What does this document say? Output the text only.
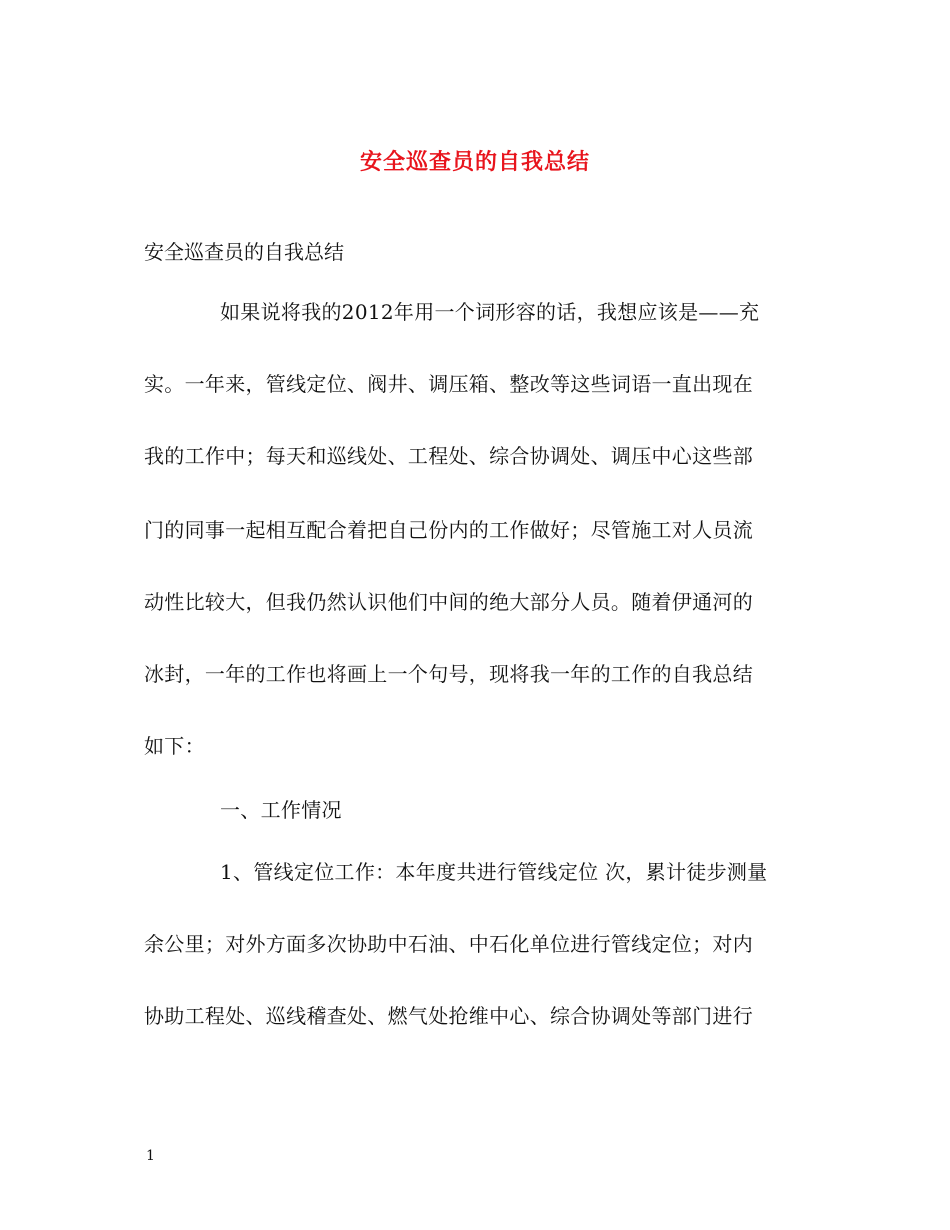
安全巡查员的自我总结

安全巡查员的自我总结

如果说将我的2012年用一个词形容的话，我想应该是——充

实。一年来，管线定位、阀井、调压箱、整改等这些词语一直出现在

我的工作中；每天和巡线处、工程处、综合协调处、调压中心这些部

门的同事一起相互配合着把自己份内的工作做好；尽管施工对人员流

动性比较大，但我仍然认识他们中间的绝大部分人员。随着伊通河的

冰封，一年的工作也将画上一个句号，现将我一年的工作的自我总结

如下：

一、工作情况

1、管线定位工作：本年度共进行管线定位 次，累计徒步测量

余公里；对外方面多次协助中石油、中石化单位进行管线定位；对内

协助工程处、巡线稽查处、燃气处抢维中心、综合协调处等部门进行

1
